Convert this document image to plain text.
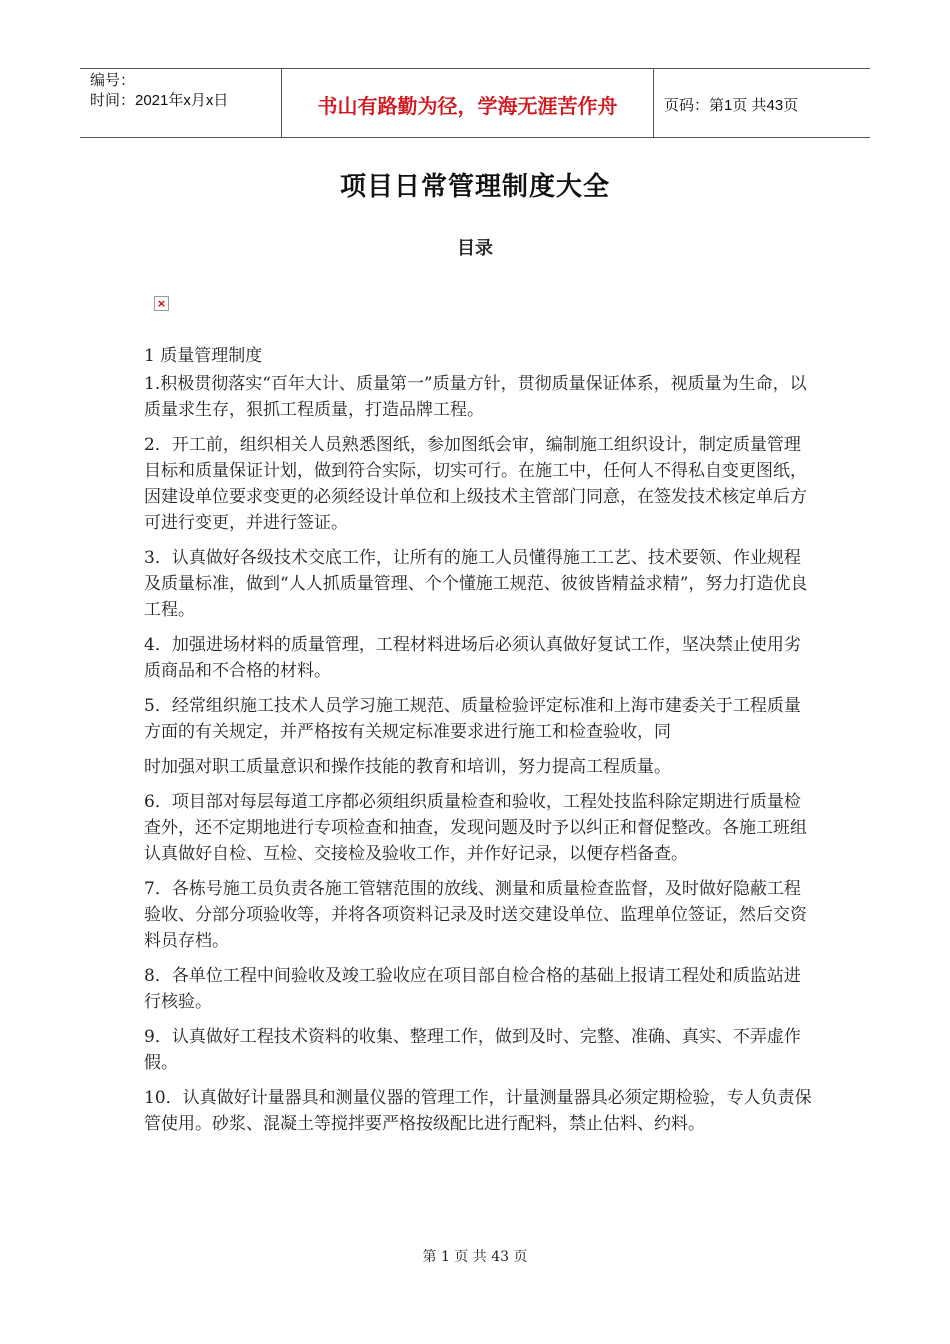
编号：
时间：2021年x月x日	书山有路勤为径，学海无涯苦作舟	页码：第1页 共43页
项目日常管理制度大全
目录
×

1 质量管理制度

1.积极贯彻落实“百年大计、质量第一”质量方针，贯彻质量保证体系，视质量为生命，以质量求生存，狠抓工程质量，打造品牌工程。

2．开工前，组织相关人员熟悉图纸，参加图纸会审，编制施工组织设计，制定质量管理目标和质量保证计划，做到符合实际，切实可行。在施工中，任何人不得私自变更图纸，因建设单位要求变更的必须经设计单位和上级技术主管部门同意，在签发技术核定单后方可进行变更，并进行签证。

3．认真做好各级技术交底工作，让所有的施工人员懂得施工工艺、技术要领、作业规程及质量标准，做到“人人抓质量管理、个个懂施工规范、彼彼皆精益求精”，努力打造优良工程。

4．加强进场材料的质量管理，工程材料进场后必须认真做好复试工作，坚决禁止使用劣质商品和不合格的材料。

5．经常组织施工技术人员学习施工规范、质量检验评定标准和上海市建委关于工程质量方面的有关规定，并严格按有关规定标准要求进行施工和检查验收，同

时加强对职工质量意识和操作技能的教育和培训，努力提高工程质量。

6．项目部对每层每道工序都必须组织质量检查和验收，工程处技监科除定期进行质量检查外，还不定期地进行专项检查和抽查，发现问题及时予以纠正和督促整改。各施工班组认真做好自检、互检、交接检及验收工作，并作好记录，以便存档备查。

7．各栋号施工员负责各施工管辖范围的放线、测量和质量检查监督，及时做好隐蔽工程验收、分部分项验收等，并将各项资料记录及时送交建设单位、监理单位签证，然后交资料员存档。

8．各单位工程中间验收及竣工验收应在项目部自检合格的基础上报请工程处和质监站进行核验。

9．认真做好工程技术资料的收集、整理工作，做到及时、完整、准确、真实、不弄虚作假。

10．认真做好计量器具和测量仪器的管理工作，计量测量器具必须定期检验，专人负责保管使用。砂浆、混凝土等搅拌要严格按级配比进行配料，禁止估料、约料。

第 1 页 共 43 页
